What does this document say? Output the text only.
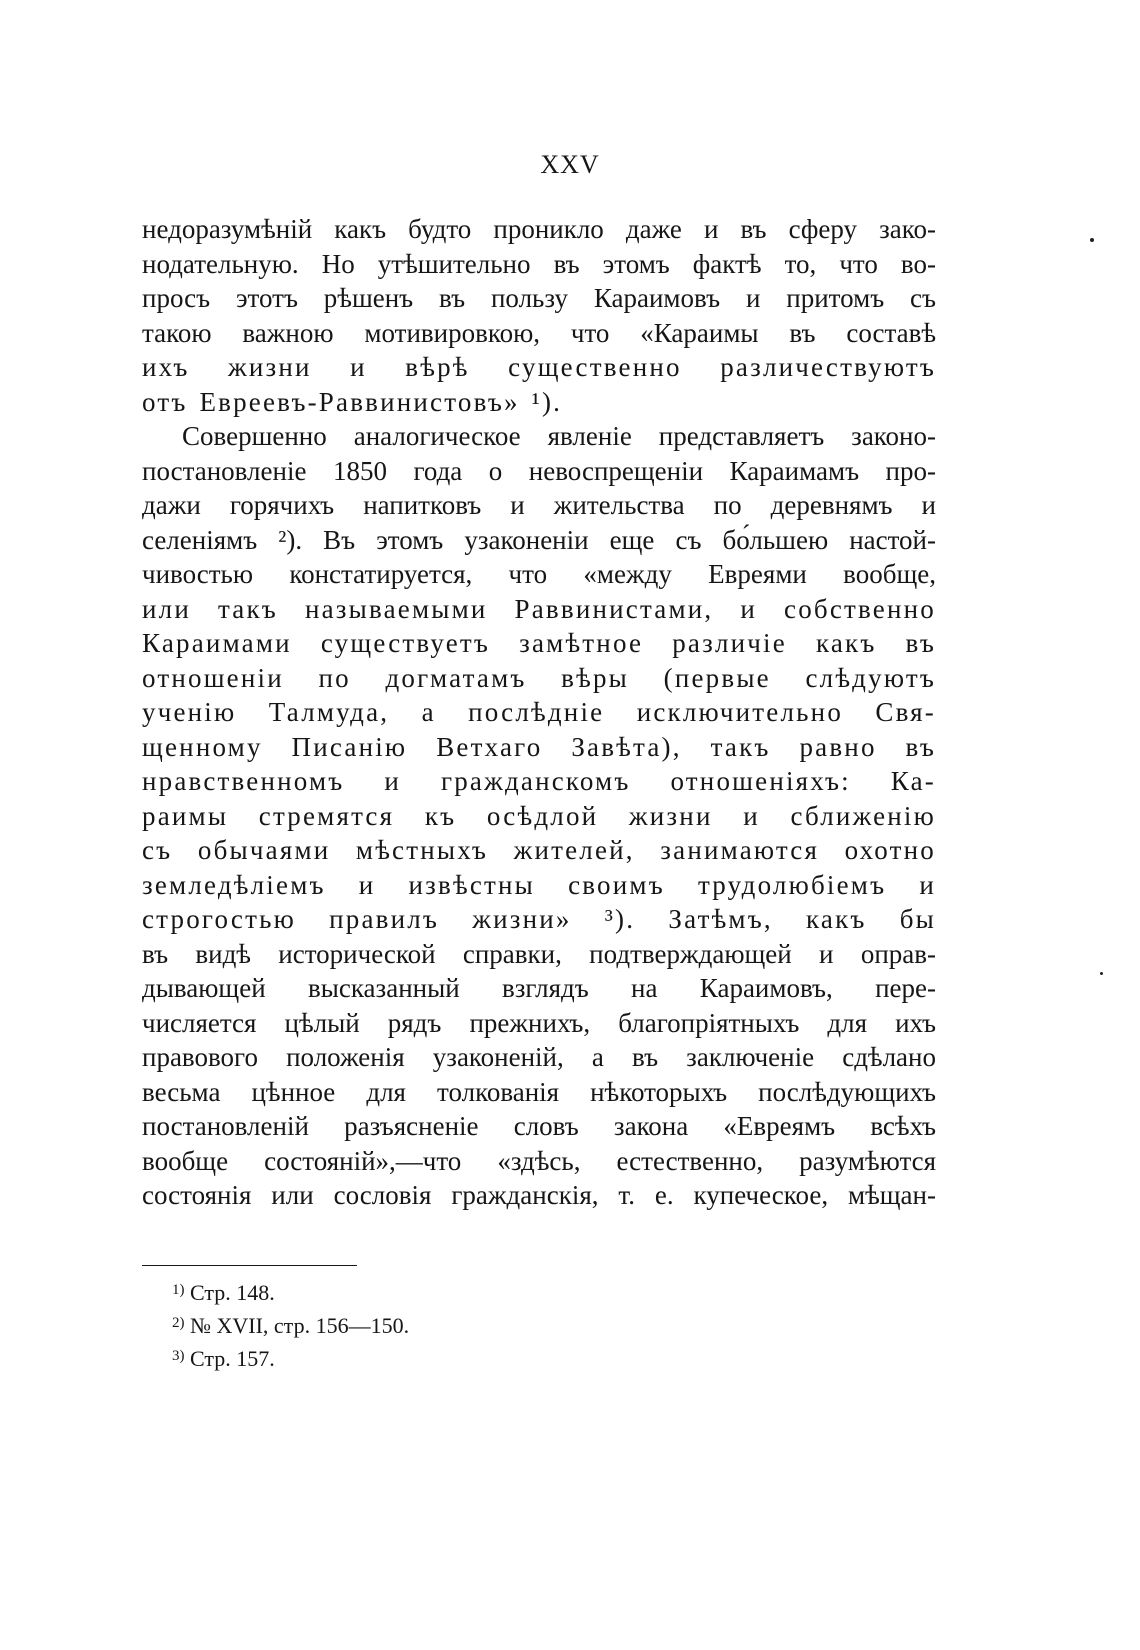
XXV
недоразумѣній какъ будто проникло даже и въ сферу зако-
нодательную. Но утѣшительно въ этомъ фактѣ то, что во-
просъ этотъ рѣшенъ въ пользу Караимовъ и притомъ съ
такою важною мотивировкою, что «Караимы въ составѣ
ихъ жизни и вѣрѣ существенно различествуютъ
отъ Евреевъ-Раввинистовъ» ¹).
Совершенно аналогическое явленіе представляетъ законо-
постановленіе 1850 года о невоспрещеніи Караимамъ про-
дажи горячихъ напитковъ и жительства по деревнямъ и
селеніямъ ²). Въ этомъ узаконеніи еще съ бо́льшею настой-
чивостью констатируется, что «между Евреями вообще,
или такъ называемыми Раввинистами, и собственно
Караимами существуетъ замѣтное различіе какъ въ
отношеніи по догматамъ вѣры (первые слѣдуютъ
ученію Талмуда, а послѣдніе исключительно Свя-
щенному Писанію Ветхаго Завѣта), такъ равно въ
нравственномъ и гражданскомъ отношеніяхъ: Ка-
раимы стремятся къ осѣдлой жизни и сближенію
съ обычаями мѣстныхъ жителей, занимаются охотно
земледѣліемъ и извѣстны своимъ трудолюбіемъ и
строгостью правилъ жизни» ³). Затѣмъ, какъ бы
въ видѣ исторической справки, подтверждающей и оправ-
дывающей высказанный взглядъ на Караимовъ, пере-
числяется цѣлый рядъ прежнихъ, благопріятныхъ для ихъ
правового положенія узаконеній, а въ заключеніе сдѣлано
весьма цѣнное для толкованія нѣкоторыхъ послѣдующихъ
постановленій разъясненіе словъ закона «Евреямъ всѣхъ
вообще состояній»,—что «здѣсь, естественно, разумѣются
состоянія или сословія гражданскія, т. е. купеческое, мѣщан-
$^{1)}$ Стр. 148.
$^{2)}$ № XVII, стр. 156—150.
$^{3)}$ Стр. 157.
